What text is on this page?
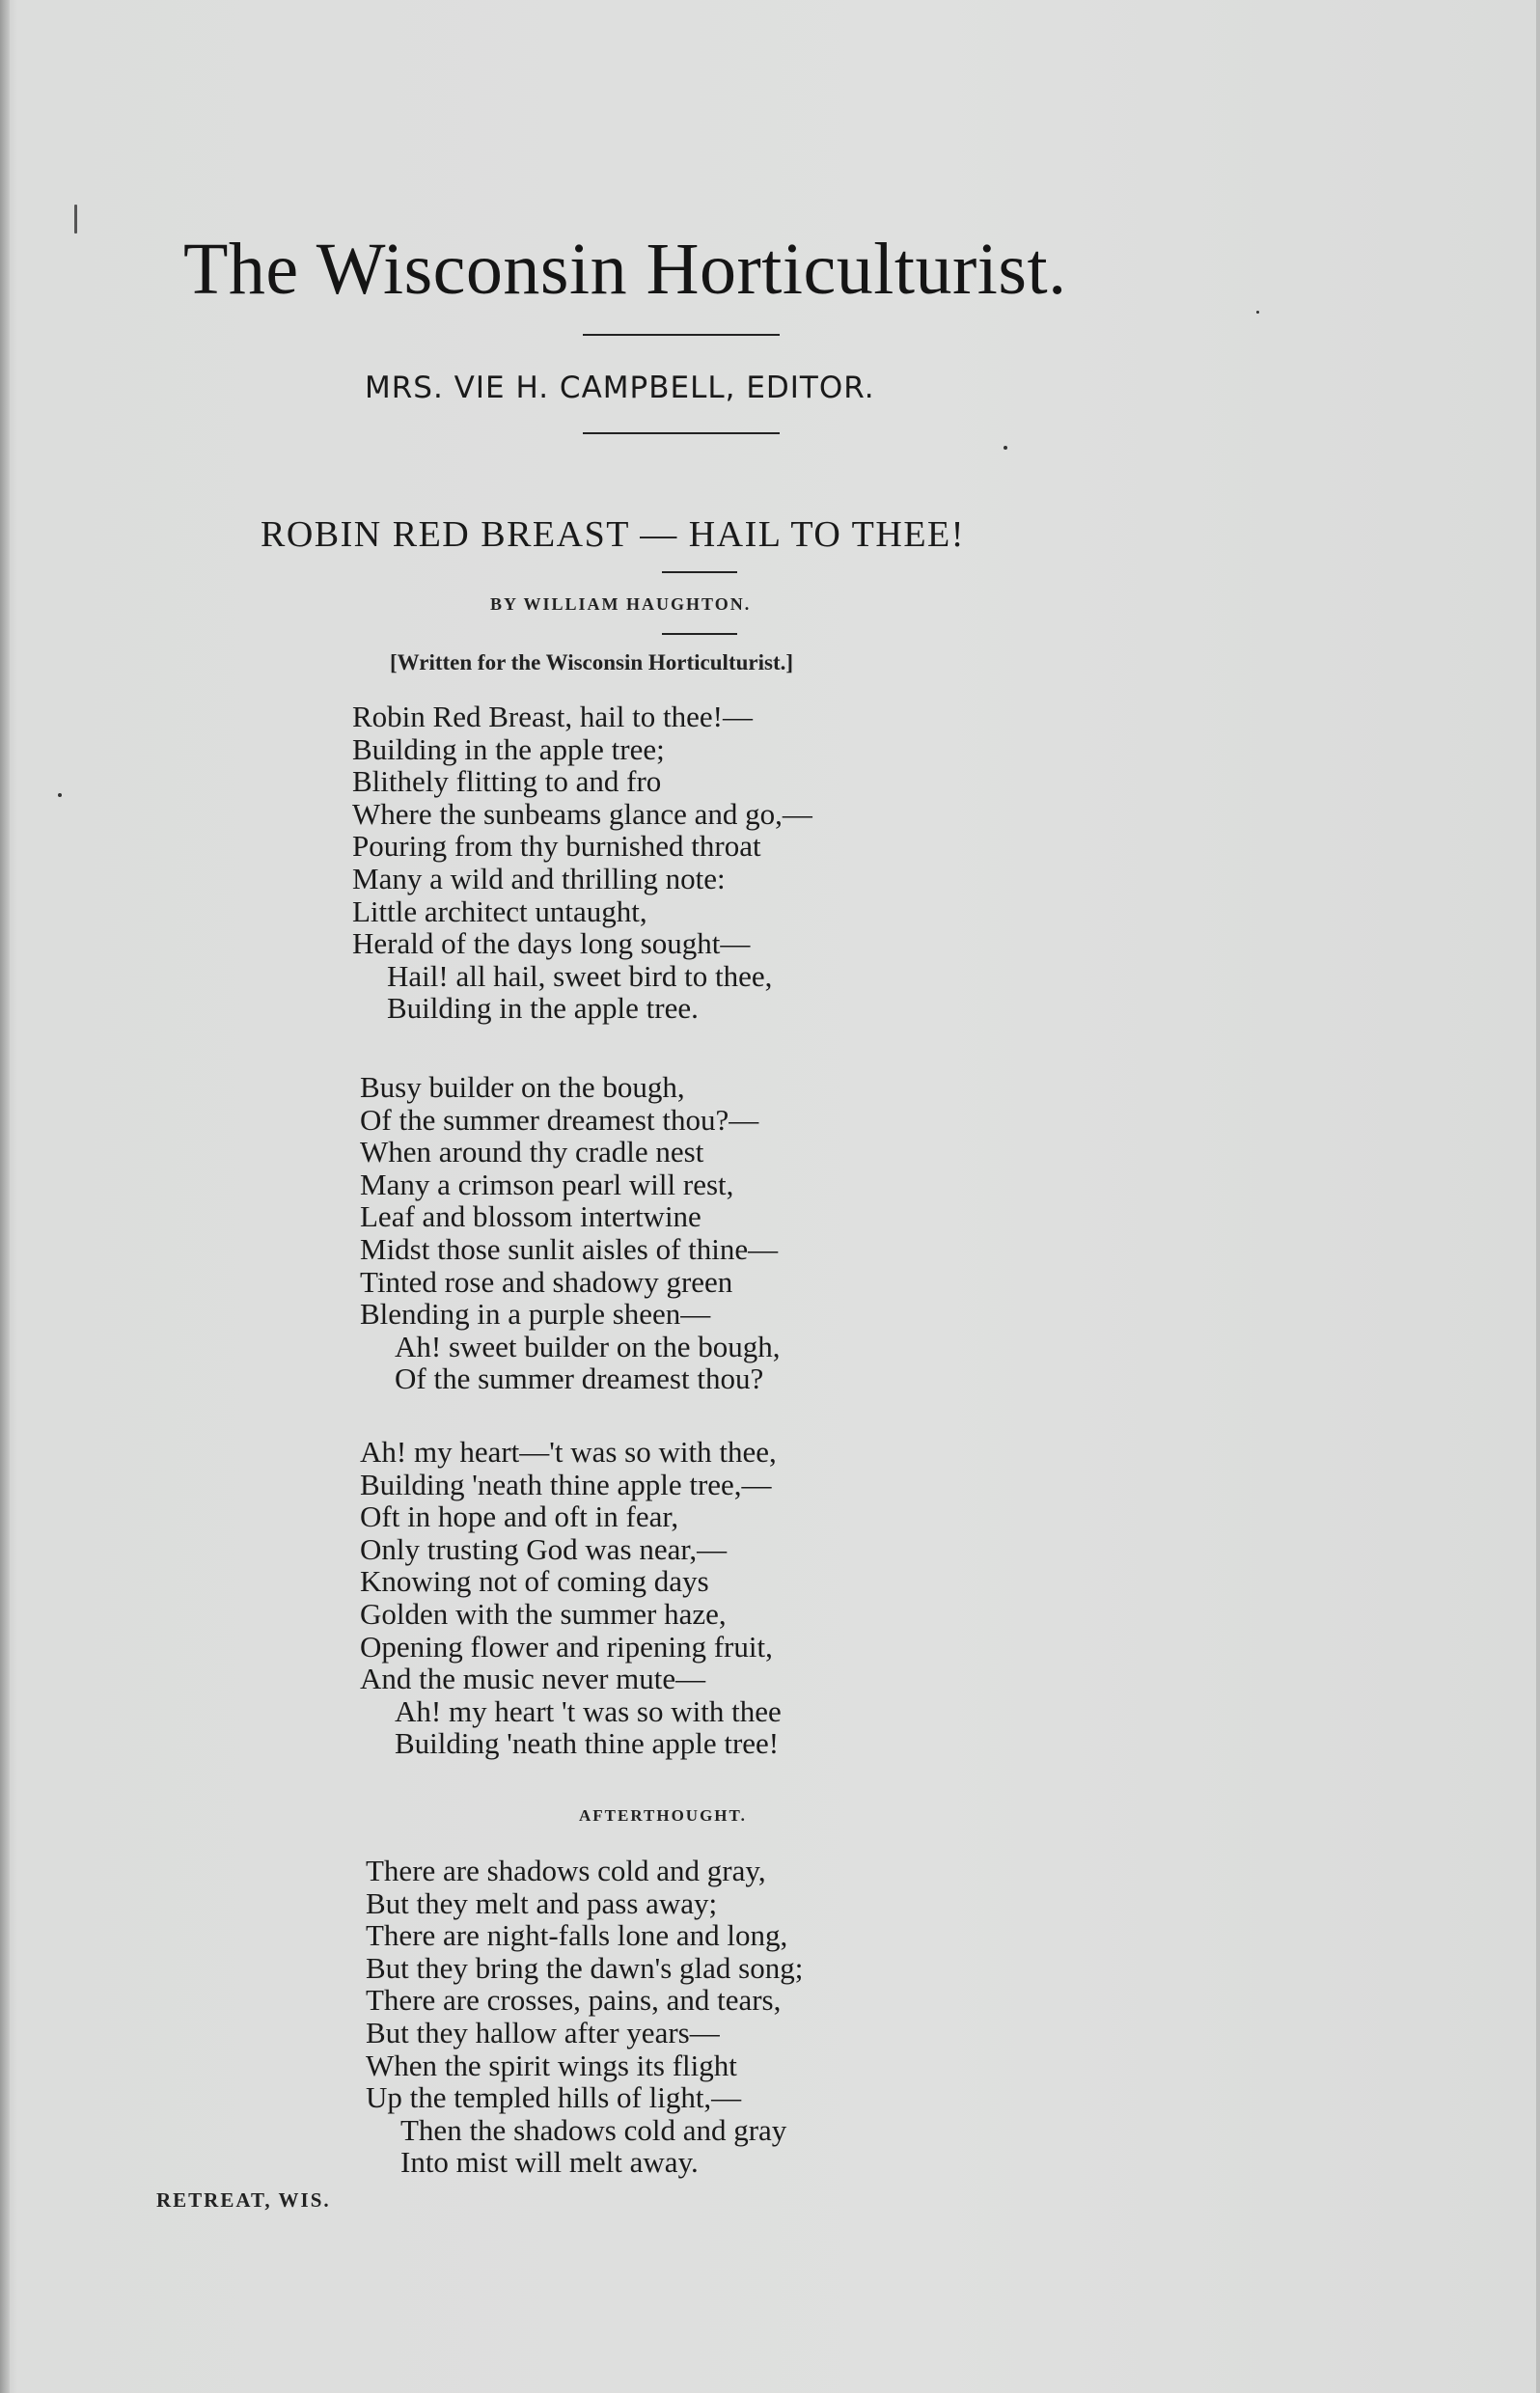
The Wisconsin Horticulturist.
MRS. VIE H. CAMPBELL, EDITOR.
ROBIN RED BREAST — HAIL TO THEE!
BY WILLIAM HAUGHTON.
[Written for the Wisconsin Horticulturist.]
Robin Red Breast, hail to thee!—
Building in the apple tree;
Blithely flitting to and fro
Where the sunbeams glance and go,—
Pouring from thy burnished throat
Many a wild and thrilling note:
Little architect untaught,
Herald of the days long sought—
Hail! all hail, sweet bird to thee,
Building in the apple tree.
Busy builder on the bough,
Of the summer dreamest thou?—
When around thy cradle nest
Many a crimson pearl will rest,
Leaf and blossom intertwine
Midst those sunlit aisles of thine—
Tinted rose and shadowy green
Blending in a purple sheen—
Ah! sweet builder on the bough,
Of the summer dreamest thou?
Ah! my heart—'t was so with thee,
Building 'neath thine apple tree,—
Oft in hope and oft in fear,
Only trusting God was near,—
Knowing not of coming days
Golden with the summer haze,
Opening flower and ripening fruit,
And the music never mute—
Ah! my heart 't was so with thee
Building 'neath thine apple tree!
AFTERTHOUGHT.
There are shadows cold and gray,
But they melt and pass away;
There are night-falls lone and long,
But they bring the dawn's glad song;
There are crosses, pains, and tears,
But they hallow after years—
When the spirit wings its flight
Up the templed hills of light,—
Then the shadows cold and gray
Into mist will melt away.
RETREAT, WIS.
